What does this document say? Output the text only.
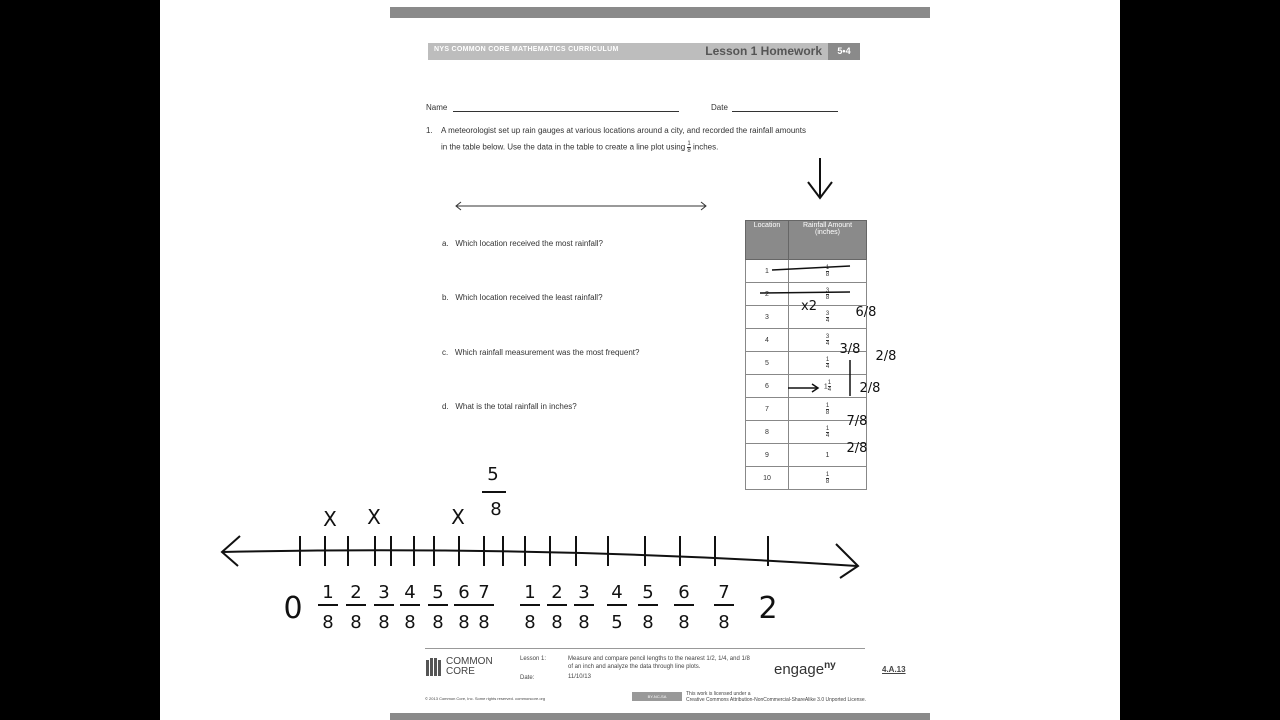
NYS COMMON CORE MATHEMATICS CURRICULUM	Lesson 1 Homework	5•4
Name	Date
1. A meteorologist set up rain gauges at various locations around a city, and recorded the rainfall amounts
in the table below. Use the data in the table to create a line plot using $\frac{1}{8}$ inches.
a. Which location received the most rainfall?
b. Which location received the least rainfall?
c. Which rainfall measurement was the most frequent?
d. What is the total rainfall in inches?
Location	Rainfall Amount (inches)
1	$\frac{1}{8}$

2	$\frac{3}{8}$

3	$\frac{3}{4}$

4	$\frac{3}{4}$

5	$\frac{1}{4}$

6	$1 \frac{1}{4}$

7	$\frac{1}{8}$

8	$\frac{1}{4}$

9	1
10	$\frac{1}{8}$
COMMON
CORE
Lesson 1:
Date:
Measure and compare pencil lengths to the nearest 1/2, 1/4, and 1/8
of an inch and analyze the data through line plots.
11/10/13	engage$^{ny}$	4.A.13
© 2013 Common Core, Inc. Some rights reserved. commoncore.org	BY-NC-SA	This work is licensed under a
Creative Commons Attribution-NonCommercial-ShareAlike 3.0 Unported License.
0 1
8
2
8
3
8
4
8
5
8
6
8
7
8
1
8
2
8
3
8
4
5
5
8
6
8
7
8 2
X X	X
5
8
x2	6/8
3/8 2/8
2/8
7/8
2/8
